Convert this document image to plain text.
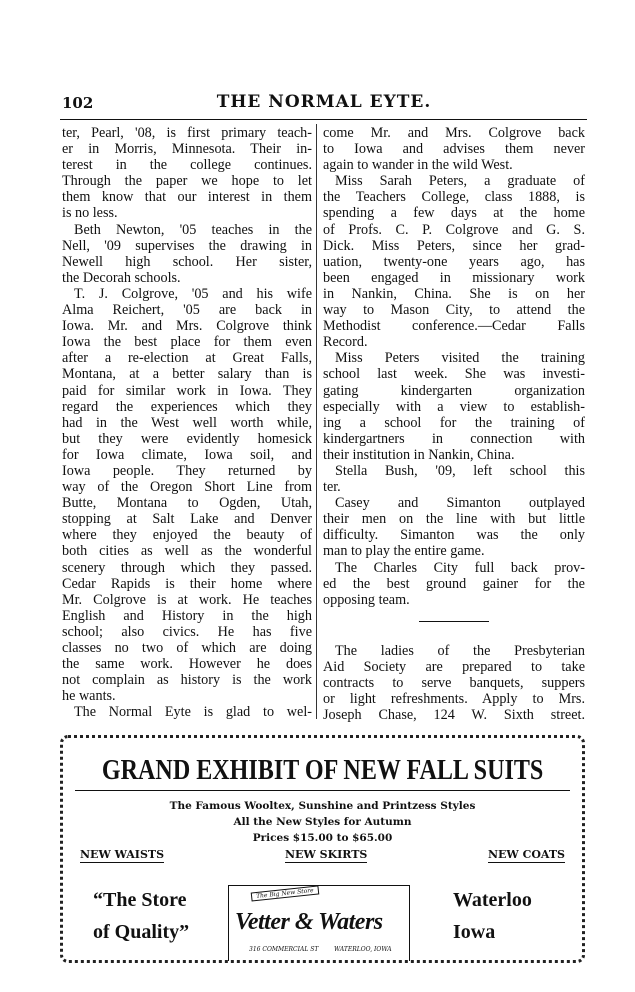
102	THE NORMAL EYTE.
ter, Pearl, '08, is first primary teach-
er in Morris, Minnesota. Their in-
terest in the college continues.
Through the paper we hope to let
them know that our interest in them
is no less.
Beth Newton, '05 teaches in the
Nell, '09 supervises the drawing in
Newell high school. Her sister,
the Decorah schools.
T. J. Colgrove, '05 and his wife
Alma Reichert, '05 are back in
Iowa. Mr. and Mrs. Colgrove think
Iowa the best place for them even
after a re-election at Great Falls,
Montana, at a better salary than is
paid for similar work in Iowa. They
regard the experiences which they
had in the West well worth while,
but they were evidently homesick
for Iowa climate, Iowa soil, and
Iowa people. They returned by
way of the Oregon Short Line from
Butte, Montana to Ogden, Utah,
stopping at Salt Lake and Denver
where they enjoyed the beauty of
both cities as well as the wonderful
scenery through which they passed.
Cedar Rapids is their home where
Mr. Colgrove is at work. He teaches
English and History in the high
school; also civics. He has five
classes no two of which are doing
the same work. However he does
not complain as history is the work
he wants.
The Normal Eyte is glad to wel-
come Mr. and Mrs. Colgrove back
to Iowa and advises them never
again to wander in the wild West.
Miss Sarah Peters, a graduate of
the Teachers College, class 1888, is
spending a few days at the home
of Profs. C. P. Colgrove and G. S.
Dick. Miss Peters, since her grad-
uation, twenty-one years ago, has
been engaged in missionary work
in Nankin, China. She is on her
way to Mason City, to attend the
Methodist conference.—Cedar Falls
Record.
Miss Peters visited the training
school last week. She was investi-
gating kindergarten organization
especially with a view to establish-
ing a school for the training of
kindergartners in connection with
their institution in Nankin, China.
Stella Bush, '09, left school this
ter.
Casey and Simanton outplayed
their men on the line with but little
difficulty. Simanton was the only
man to play the entire game.
The Charles City full back prov-
ed the best ground gainer for the
opposing team.
The ladies of the Presbyterian
Aid Society are prepared to take
contracts to serve banquets, suppers
or light refreshments. Apply to Mrs.
Joseph Chase, 124 W. Sixth street.
GRAND EXHIBIT OF NEW FALL SUITS
The Famous Wooltex, Sunshine and Printzess Styles
All the New Styles for Autumn
Prices $15.00 to $65.00
NEW WAISTS	NEW SKIRTS	NEW COATS
“The Store
of Quality”
Waterloo
Iowa
The Big New Store
Vetter & Waters
316 COMMERCIAL ST	WATERLOO, IOWA
